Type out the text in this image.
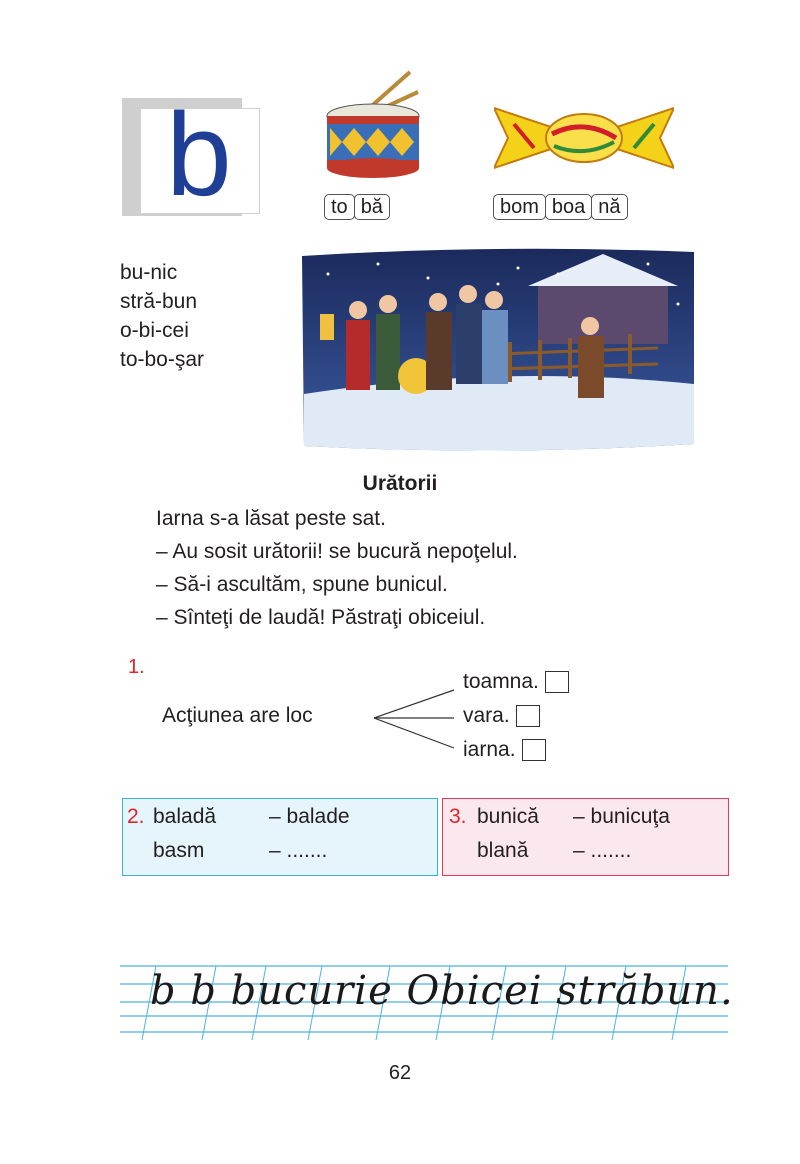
b	to bă	bom boa nă
bu-nic
stră-bun
o-bi-cei
to-bo-şar
Urătorii
Iarna s-a lăsat peste sat.
– Au sosit urătorii! se bucură nepoţelul.
– Să-i ascultăm, spune bunicul.
– Sînteţi de laudă! Păstraţi obiceiul.
1.
Acţiunea are loc
toamna.
vara.
iarna.
2. baladă	– balade
basm	– .......
3. bunică – bunicuţa
blană – .......
b b bucurie Obicei străbun.
62
